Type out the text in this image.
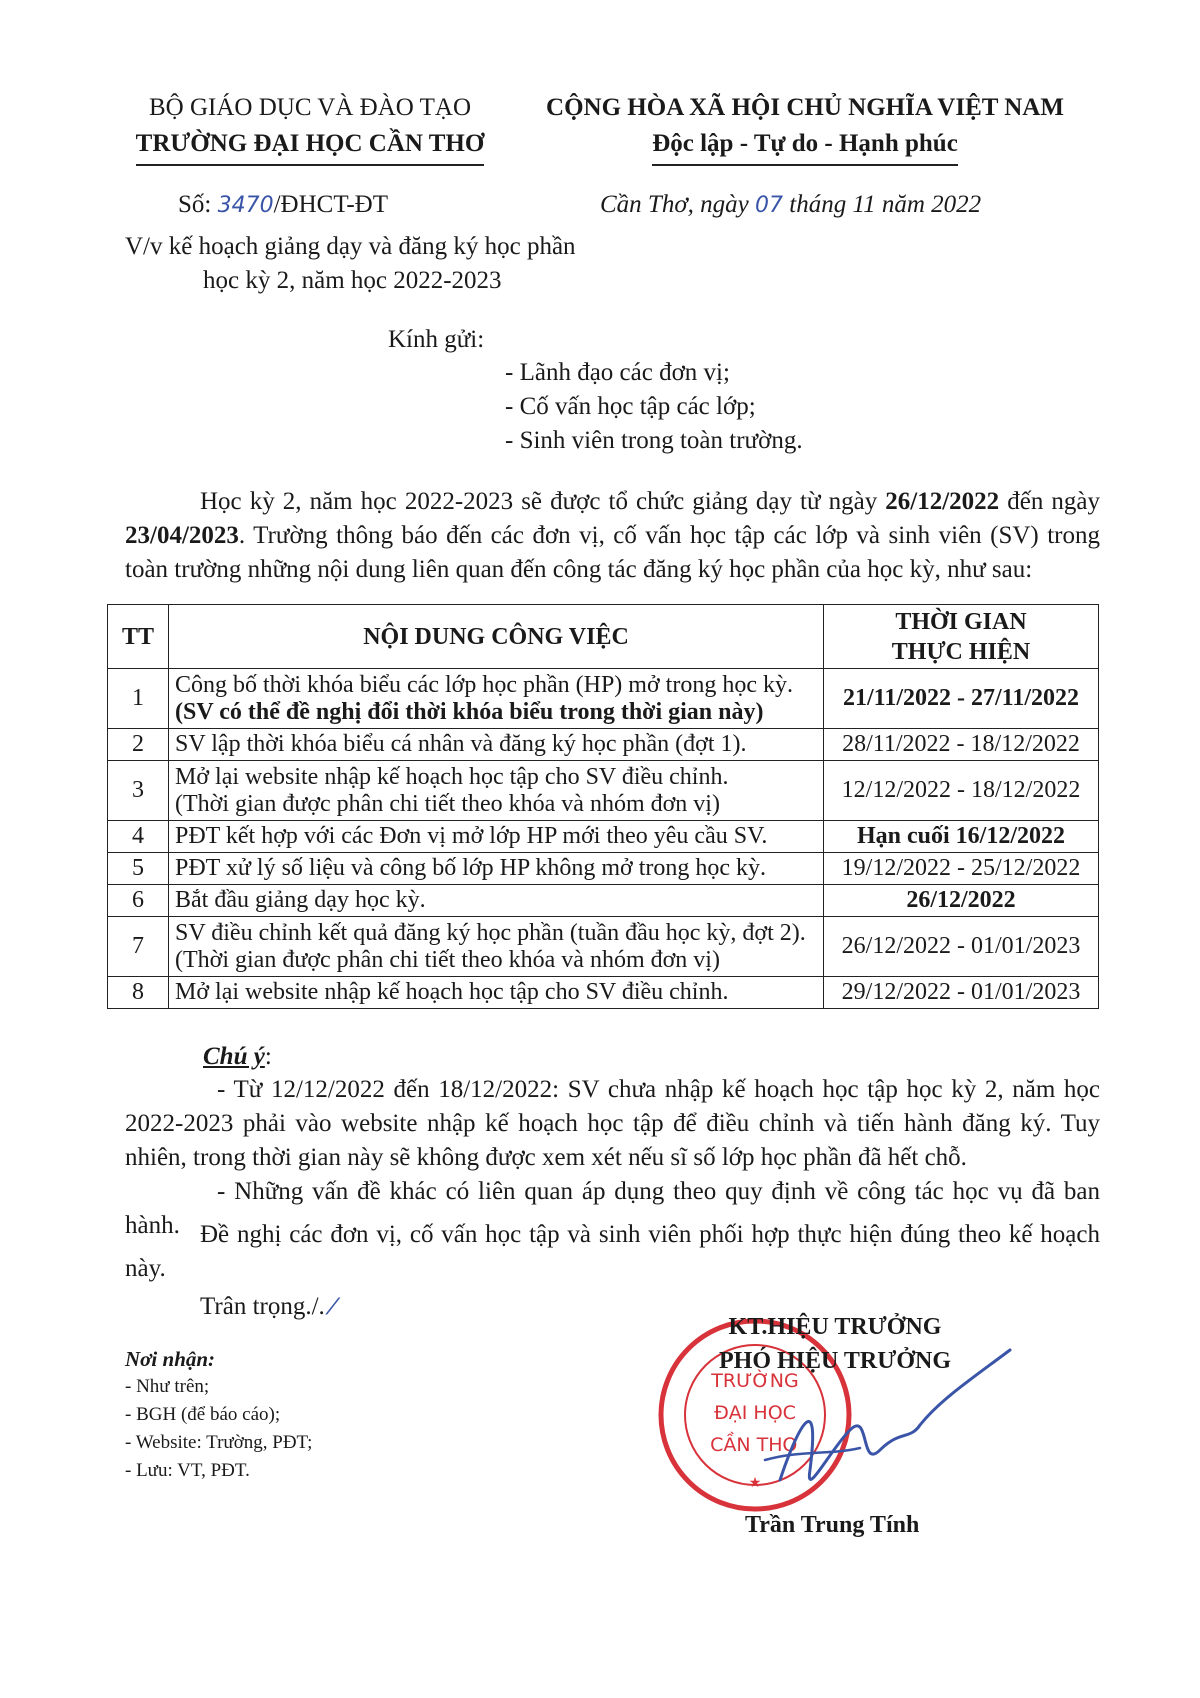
BỘ GIÁO DỤC VÀ ĐÀO TẠO
TRƯỜNG ĐẠI HỌC CẦN THƠ
CỘNG HÒA XÃ HỘI CHỦ NGHĨA VIỆT NAM
Độc lập - Tự do - Hạnh phúc
Số: 3470/ĐHCT-ĐT	Cần Thơ, ngày 07 tháng 11 năm 2022
V/v kế hoạch giảng dạy và đăng ký học phần
học kỳ 2, năm học 2022-2023
Kính gửi:
- Lãnh đạo các đơn vị;
- Cố vấn học tập các lớp;
- Sinh viên trong toàn trường.
Học kỳ 2, năm học 2022-2023 sẽ được tổ chức giảng dạy từ ngày 26/12/2022 đến ngày 23/04/2023. Trường thông báo đến các đơn vị, cố vấn học tập các lớp và sinh viên (SV) trong toàn trường những nội dung liên quan đến công tác đăng ký học phần của học kỳ, như sau:
TT	NỘI DUNG CÔNG VIỆC	THỜI GIAN
THỰC HIỆN

1	Công bố thời khóa biểu các lớp học phần (HP) mở trong học kỳ.
(SV có thể đề nghị đổi thời khóa biểu trong thời gian này)	21/11/2022 - 27/11/2022
2	SV lập thời khóa biểu cá nhân và đăng ký học phần (đợt 1).	28/11/2022 - 18/12/2022
3	Mở lại website nhập kế hoạch học tập cho SV điều chỉnh.
(Thời gian được phân chi tiết theo khóa và nhóm đơn vị)	12/12/2022 - 18/12/2022
4	PĐT kết hợp với các Đơn vị mở lớp HP mới theo yêu cầu SV.	Hạn cuối 16/12/2022
5	PĐT xử lý số liệu và công bố lớp HP không mở trong học kỳ.	19/12/2022 - 25/12/2022
6	Bắt đầu giảng dạy học kỳ.	26/12/2022
7	SV điều chỉnh kết quả đăng ký học phần (tuần đầu học kỳ, đợt 2).
(Thời gian được phân chi tiết theo khóa và nhóm đơn vị)	26/12/2022 - 01/01/2023
8	Mở lại website nhập kế hoạch học tập cho SV điều chỉnh.	29/12/2022 - 01/01/2023
Chú ý:
- Từ 12/12/2022 đến 18/12/2022: SV chưa nhập kế hoạch học tập học kỳ 2, năm học 2022-2023 phải vào website nhập kế hoạch học tập để điều chỉnh và tiến hành đăng ký. Tuy nhiên, trong thời gian này sẽ không được xem xét nếu sĩ số lớp học phần đã hết chỗ.
- Những vấn đề khác có liên quan áp dụng theo quy định về công tác học vụ đã ban hành. Đề nghị các đơn vị, cố vấn học tập và sinh viên phối hợp thực hiện đúng theo kế hoạch này.
Trân trọng./. ⁄
Nơi nhận:
- Như trên;
- BGH (để báo cáo);
- Website: Trường, PĐT;
- Lưu: VT, PĐT.
TRƯỜNG
ĐẠI HỌC
CẦN THƠ
★
KT.HIỆU TRƯỞNG
PHÓ HIỆU TRƯỞNG
Trần Trung Tính
